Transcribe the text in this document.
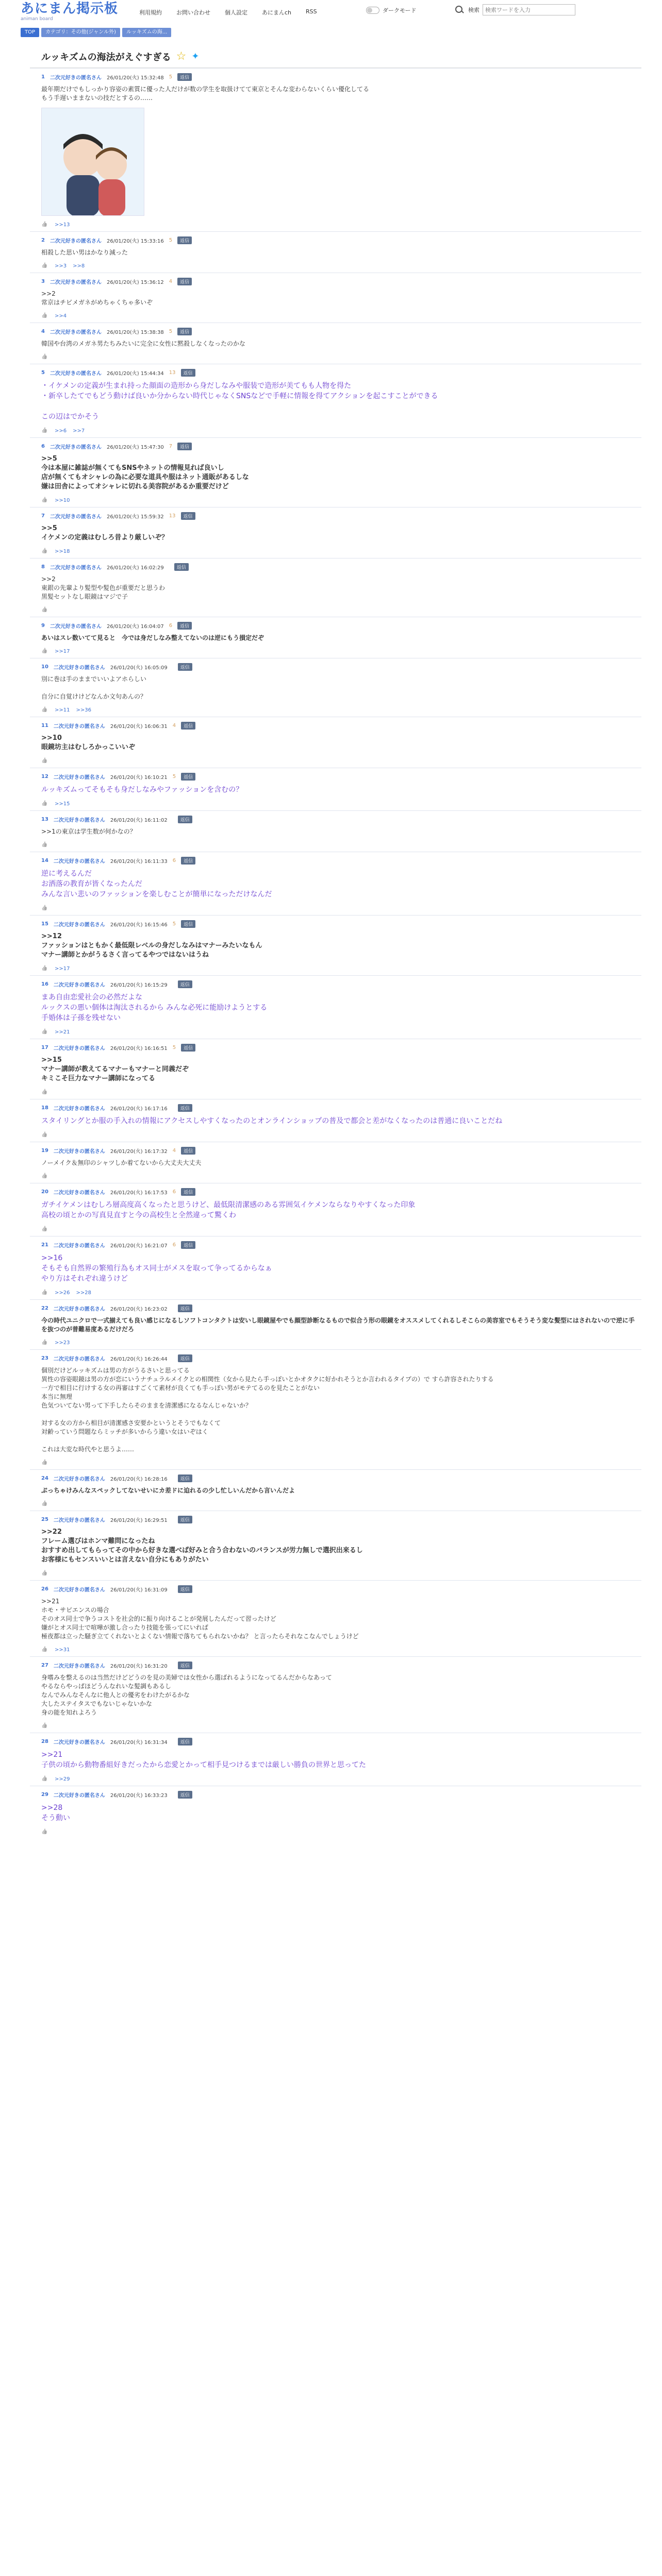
あにまん掲示板
animan board
利用規約	お問い合わせ	個人設定	あにまんch	RSS	ダークモード	検索
検索ワードを入力
TOP	カテゴリ：その他(ジャンル外)	ルッキズムの海...
ルッキズムの海法がえぐすぎる ☆ ✦
1 二次元好きの匿名さん 26/01/20(火) 15:32:48 5	返信
最年期だけでもしっかり容姿の素質に優った人だけが数の学生を取扱けてて東京とそんな変わらないくらい優化してる
もう手遅いままないの技だとするの……
👍
>>13
2 二次元好きの匿名さん 26/01/20(火) 15:33:16 5	返信
相殺した思い男はかなり減った
👍
>>3 >>8
3 二次元好きの匿名さん 26/01/20(火) 15:36:12 4	返信
>>2
常京はチビメガネがめちゃくちゃ多いぞ
👍
>>4
4 二次元好きの匿名さん 26/01/20(火) 15:38:38 5	返信
韓国や台湾のメガネ男たちみたいに完全に女性に黙殺しなくなったのかな
👍
5 二次元好きの匿名さん 26/01/20(火) 15:44:34 13	返信
・イケメンの定義が生まれ持った顔面の造形から身だしなみや服装で造形が美てもも人物を得た
・新卒したてでもどう動けば良いか分からない時代じゃなくSNSなどで手軽に情報を得てアクションを起こすことができる

この辺はでかそう
👍
>>6 >>7
6 二次元好きの匿名さん 26/01/20(火) 15:47:30 7	返信
>>5
今は本屋に雑誌が無くてもSNSやネットの情報見れば良いし
店が無くてもオシャレの為に必要な道具や服はネット通販があるしな
嫌は田舎によってオシャレに切れる美容院があるか重要だけど
👍
>>10
7 二次元好きの匿名さん 26/01/20(火) 15:59:32 13	返信
>>5
イケメンの定義はむしろ昔より厳しいぞ？
👍
>>18
8 二次元好きの匿名さん 26/01/20(火) 16:02:29	返信
>>2
東銀の先輩より髪型や髪色が重要だと思うわ
黒髪セットなし眼鏡はマジで子
👍
9 二次元好きの匿名さん 26/01/20(火) 16:04:07 6	返信
あいはスレ数いてて見ると　今では身だしなみ整えてないのは逆にもう損定だぞ
👍
>>17
10 二次元好きの匿名さん 26/01/20(火) 16:05:09	返信
別に巻は手のままでいいよアホらしい

自分に自覚けけどなんか文句あんの？
👍
>>11 >>36
11 二次元好きの匿名さん 26/01/20(火) 16:06:31 4	返信
>>10
眼鏡坊主はむしろかっこいいぞ
👍
12 二次元好きの匿名さん 26/01/20(火) 16:10:21 5	返信
ルッキズムってそもそも身だしなみやファッションを含むの？
👍
>>15
13 二次元好きの匿名さん 26/01/20(火) 16:11:02	返信
>>1の東京は学生数が何かなの？
👍
14 二次元好きの匿名さん 26/01/20(火) 16:11:33 6	返信
逆に考えるんだ
お洒落の教育が皆くなったんだ
みんな言い悲いのファッションを楽しむことが簡単になっただけなんだ
👍
15 二次元好きの匿名さん 26/01/20(火) 16:15:46 5	返信
>>12
ファッションはともかく最低限レベルの身だしなみはマナーみたいなもん
マナー講師とかがうるさく言ってるやつではないはうね
👍
>>17
16 二次元好きの匿名さん 26/01/20(火) 16:15:29	返信
まあ自由恋愛社会の必然だよな
ルックスの悪い個体は淘汰されるから みんな必死に能励けようとする
手婚体は子孫を残せない
👍
>>21
17 二次元好きの匿名さん 26/01/20(火) 16:16:51 5	返信
>>15
マナー講師が教えてるマナーもマナーと同義だぞ
キミこそ巨力なマナー講師になってる
👍
18 二次元好きの匿名さん 26/01/20(火) 16:17:16	返信
スタイリングとか服の手入れの情報にアクセスしやすくなったのとオンラインショップの普及で都会と差がなくなったのは普通に良いことだね
👍
19 二次元好きの匿名さん 26/01/20(火) 16:17:32 4	返信
ノーメイク＆無印のシャツしか着てないから大丈夫大丈夫
👍
20 二次元好きの匿名さん 26/01/20(火) 16:17:53 6	返信
ガチイケメンはむしろ層高度高くなったと思うけど、最低限清潔感のある雰囲気イケメンならなりやすくなった印象
高校の頃とかの写真見直すと今の高校生と全然違って驚くわ
👍
21 二次元好きの匿名さん 26/01/20(火) 16:21:07 6	返信
>>16
そもそも自然界の繁殖行為もオス同士がメスを取って争ってるからなぁ
やり方はそれぞれ違うけど
👍
>>26 >>28
22 二次元好きの匿名さん 26/01/20(火) 16:23:02	返信
今の時代ユニクロで一式揃えても良い感じになるしソフトコンタクトは安いし眼鏡屋やでも顔型診断なるもので似合う形の眼鏡をオススメしてくれるしそこらの美容室でもそうそう変な髪型にはされないので逆に手を抜つのが普難易度あるだけだろ
👍
>>23
23 二次元好きの匿名さん 26/01/20(火) 16:26:44	返信
個別だけどルッキズムは男の方がうるさいと思ってる
異性の容姿眼鏡は男の方が恋にいうナチュラルメイクとの相関性（女から見たら手っぽいとかオタクに好かれそうとか言われるタイプの）で すら許容されたりする
一方で相目に行けする女の再審はすごくて素材が良くても手っぽい男がモテてるのを見たことがない
本当に無理
色気ついてない男って下手したらそのままを清潔感になるなんじゃないか？

対する女の方から相目が清潔感さ安要かというとそうでもなくて
対齢っていう問題ならミッチが多いからう違い女はいぞはく

これは大変な時代やと思うよ……
👍
24 二次元好きの匿名さん 26/01/20(火) 16:28:16	返信
ぷっちゃけみんなスペックしてないせいにカ差ドに迫れるの少し忙しいんだから言いんだよ
👍
25 二次元好きの匿名さん 26/01/20(火) 16:29:51	返信
>>22
フレーム選びはホンマ難問になったね
おすすめ出してもらってその中から好きな選べば好みと合う合わないのバランスが労力無しで選択出来るし
お客様にもセンスいいとは言えない自分にもありがたい
👍
26 二次元好きの匿名さん 26/01/20(火) 16:31:09	返信
>>21
ホモ・サピエンスの場合
そのオス同士で争うコストを社会的に振り向けることが発展したんだって習ったけど
嫌がとオス同士で喧嘩が激し合ったり技能を張ってにいれば
極夜都は立った騒ぎ立てくれないとよくない情報で落ちてもられないかね？ と言ったらそれなこなんでしょうけど
👍
>>31
27 二次元好きの匿名さん 26/01/20(火) 16:31:20	返信
身嗜みを整えるのは当然だけどどうのを見の美婦では女性から選ばれるようになってるんだからなあって
やるならやっぱほどうんなれいな髪調もあるし
なんでみんなそんなに他人との優劣をわけたがるかな
大したステイタスでもないじゃないかな
身の能を知れよろう
👍
28 二次元好きの匿名さん 26/01/20(火) 16:31:34	返信
>>21
子供の頃から動物番組好きだったから恋愛とかって相手見つけるまでは厳しい勝負の世界と思ってた
👍
>>29
29 二次元好きの匿名さん 26/01/20(火) 16:33:23	返信
>>28
そう動い
👍
